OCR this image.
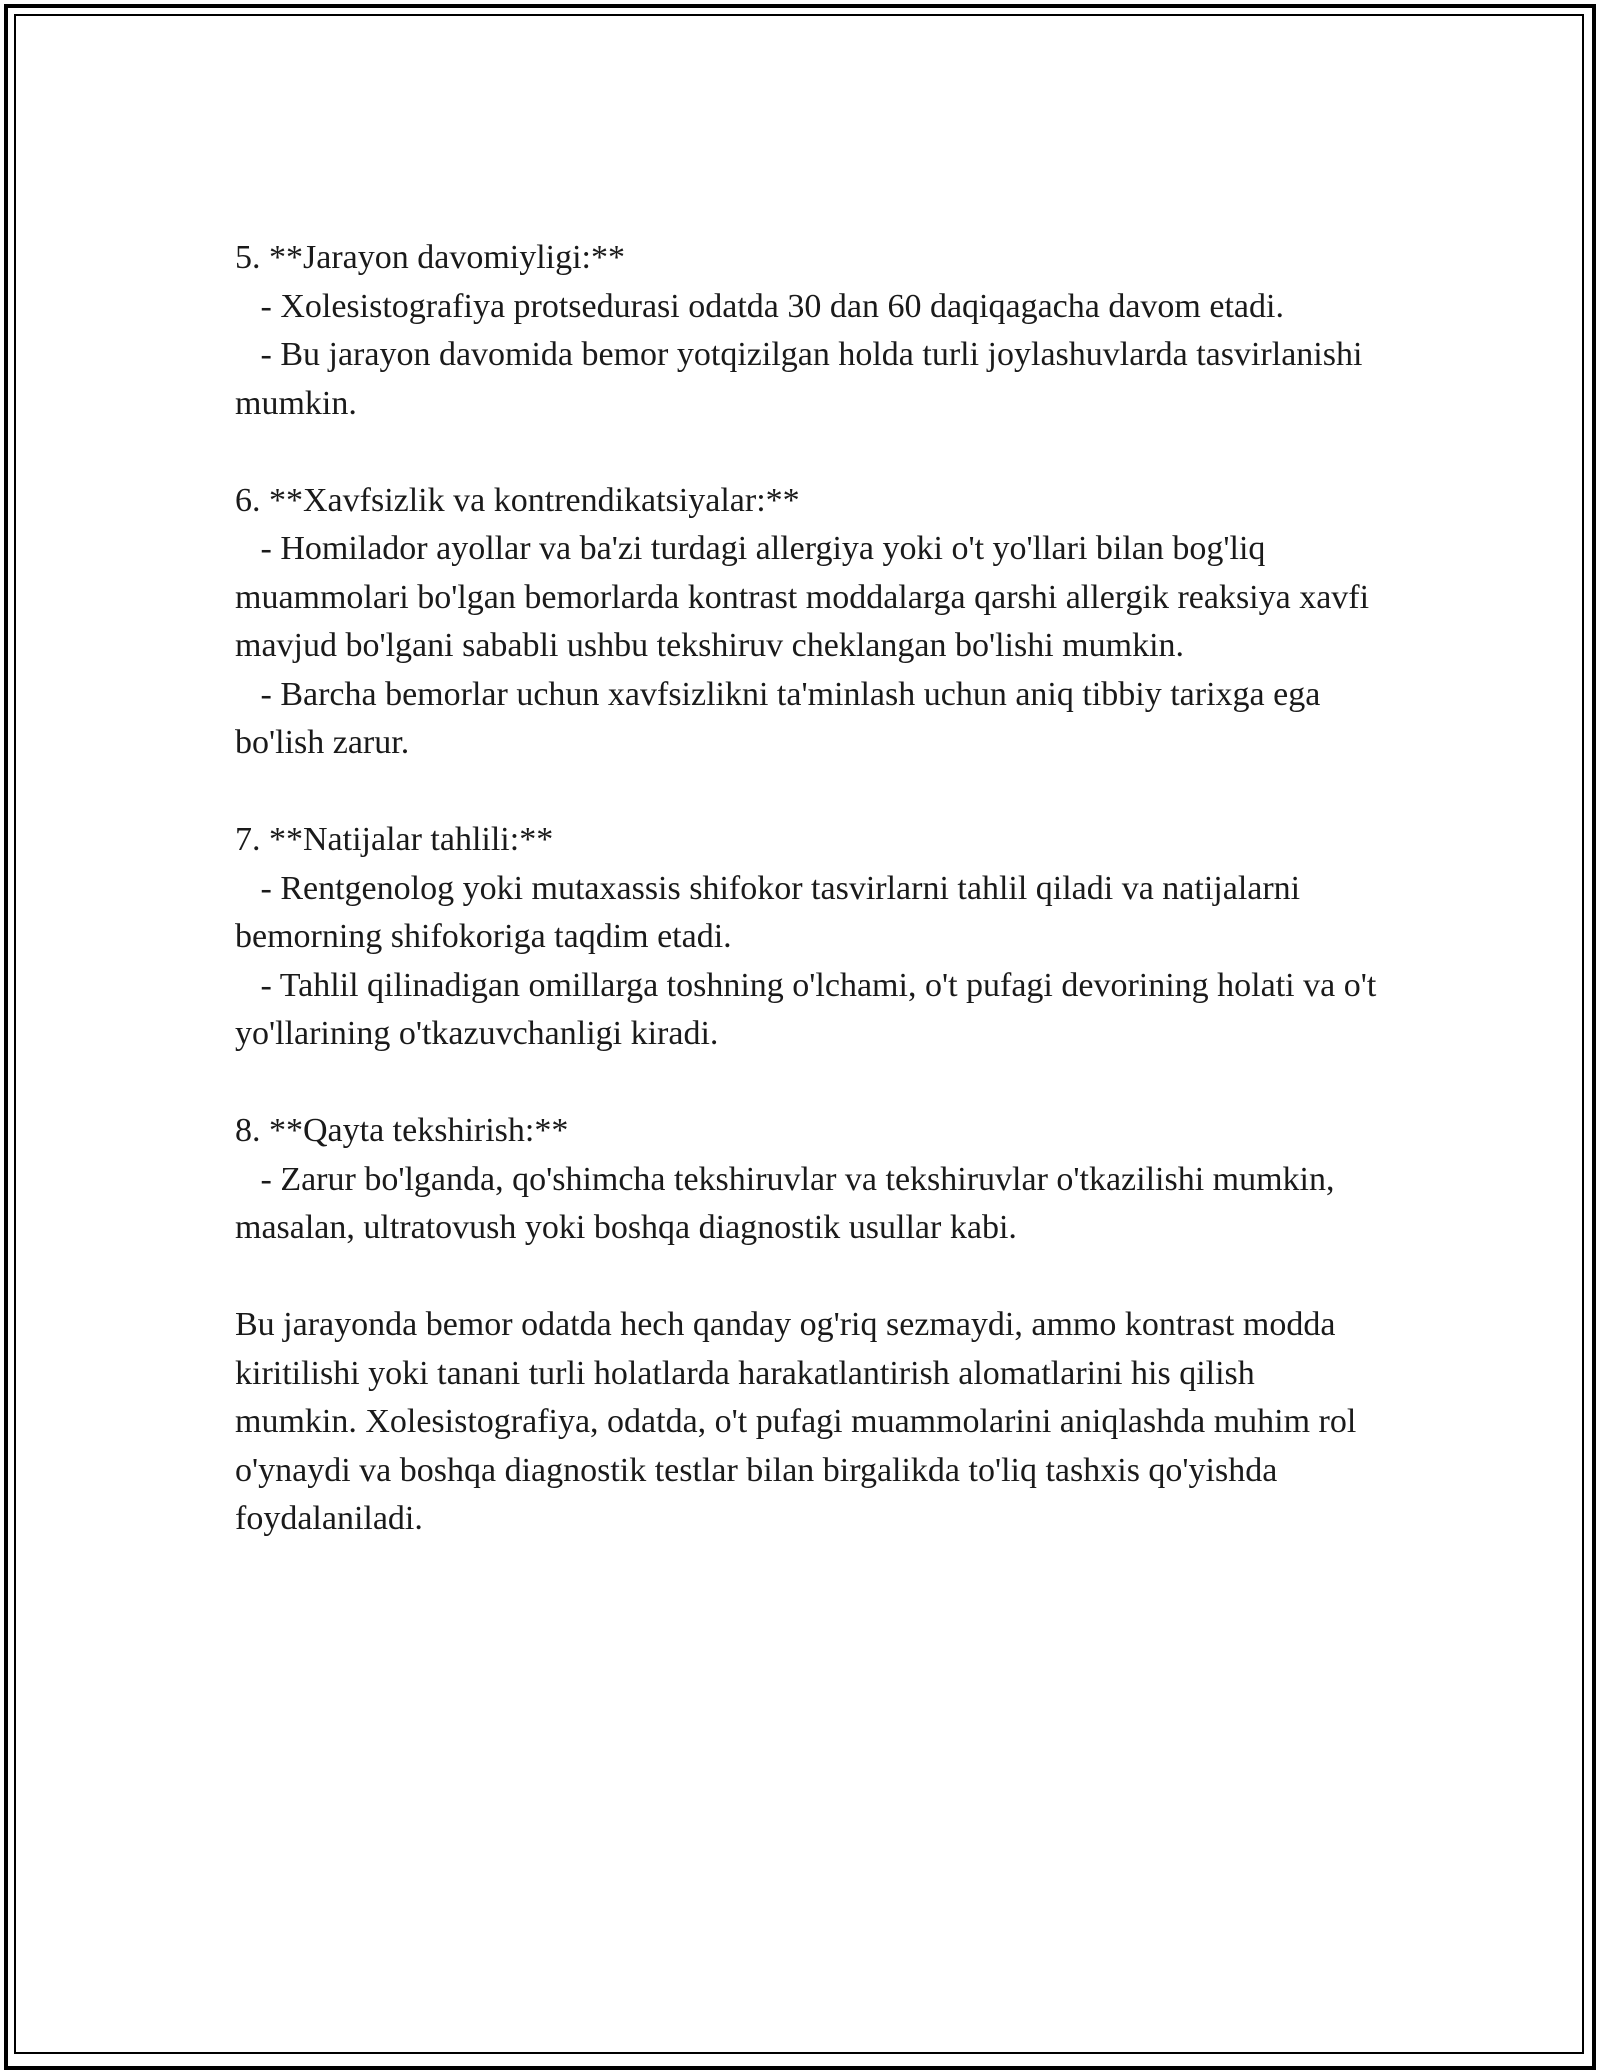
5. **Jarayon davomiyligi:**

- Xolesistografiya protsedurasi odatda 30 dan 60 daqiqagacha davom etadi.

- Bu jarayon davomida bemor yotqizilgan holda turli joylashuvlarda tasvirlanishi mumkin.

6. **Xavfsizlik va kontrendikatsiyalar:**

- Homilador ayollar va ba'zi turdagi allergiya yoki o't yo'llari bilan bog'liq muammolari bo'lgan bemorlarda kontrast moddalarga qarshi allergik reaksiya xavfi mavjud bo'lgani sababli ushbu tekshiruv cheklangan bo'lishi mumkin.

- Barcha bemorlar uchun xavfsizlikni ta'minlash uchun aniq tibbiy tarixga ega bo'lish zarur.

7. **Natijalar tahlili:**

- Rentgenolog yoki mutaxassis shifokor tasvirlarni tahlil qiladi va natijalarni bemorning shifokoriga taqdim etadi.

- Tahlil qilinadigan omillarga toshning o'lchami, o't pufagi devorining holati va o't yo'llarining o'tkazuvchanligi kiradi.

8. **Qayta tekshirish:**

- Zarur bo'lganda, qo'shimcha tekshiruvlar va tekshiruvlar o'tkazilishi mumkin, masalan, ultratovush yoki boshqa diagnostik usullar kabi.

Bu jarayonda bemor odatda hech qanday og'riq sezmaydi, ammo kontrast modda kiritilishi yoki tanani turli holatlarda harakatlantirish alomatlarini his qilish mumkin. Xolesistografiya, odatda, o't pufagi muammolarini aniqlashda muhim rol o'ynaydi va boshqa diagnostik testlar bilan birgalikda to'liq tashxis qo'yishda foydalaniladi.
